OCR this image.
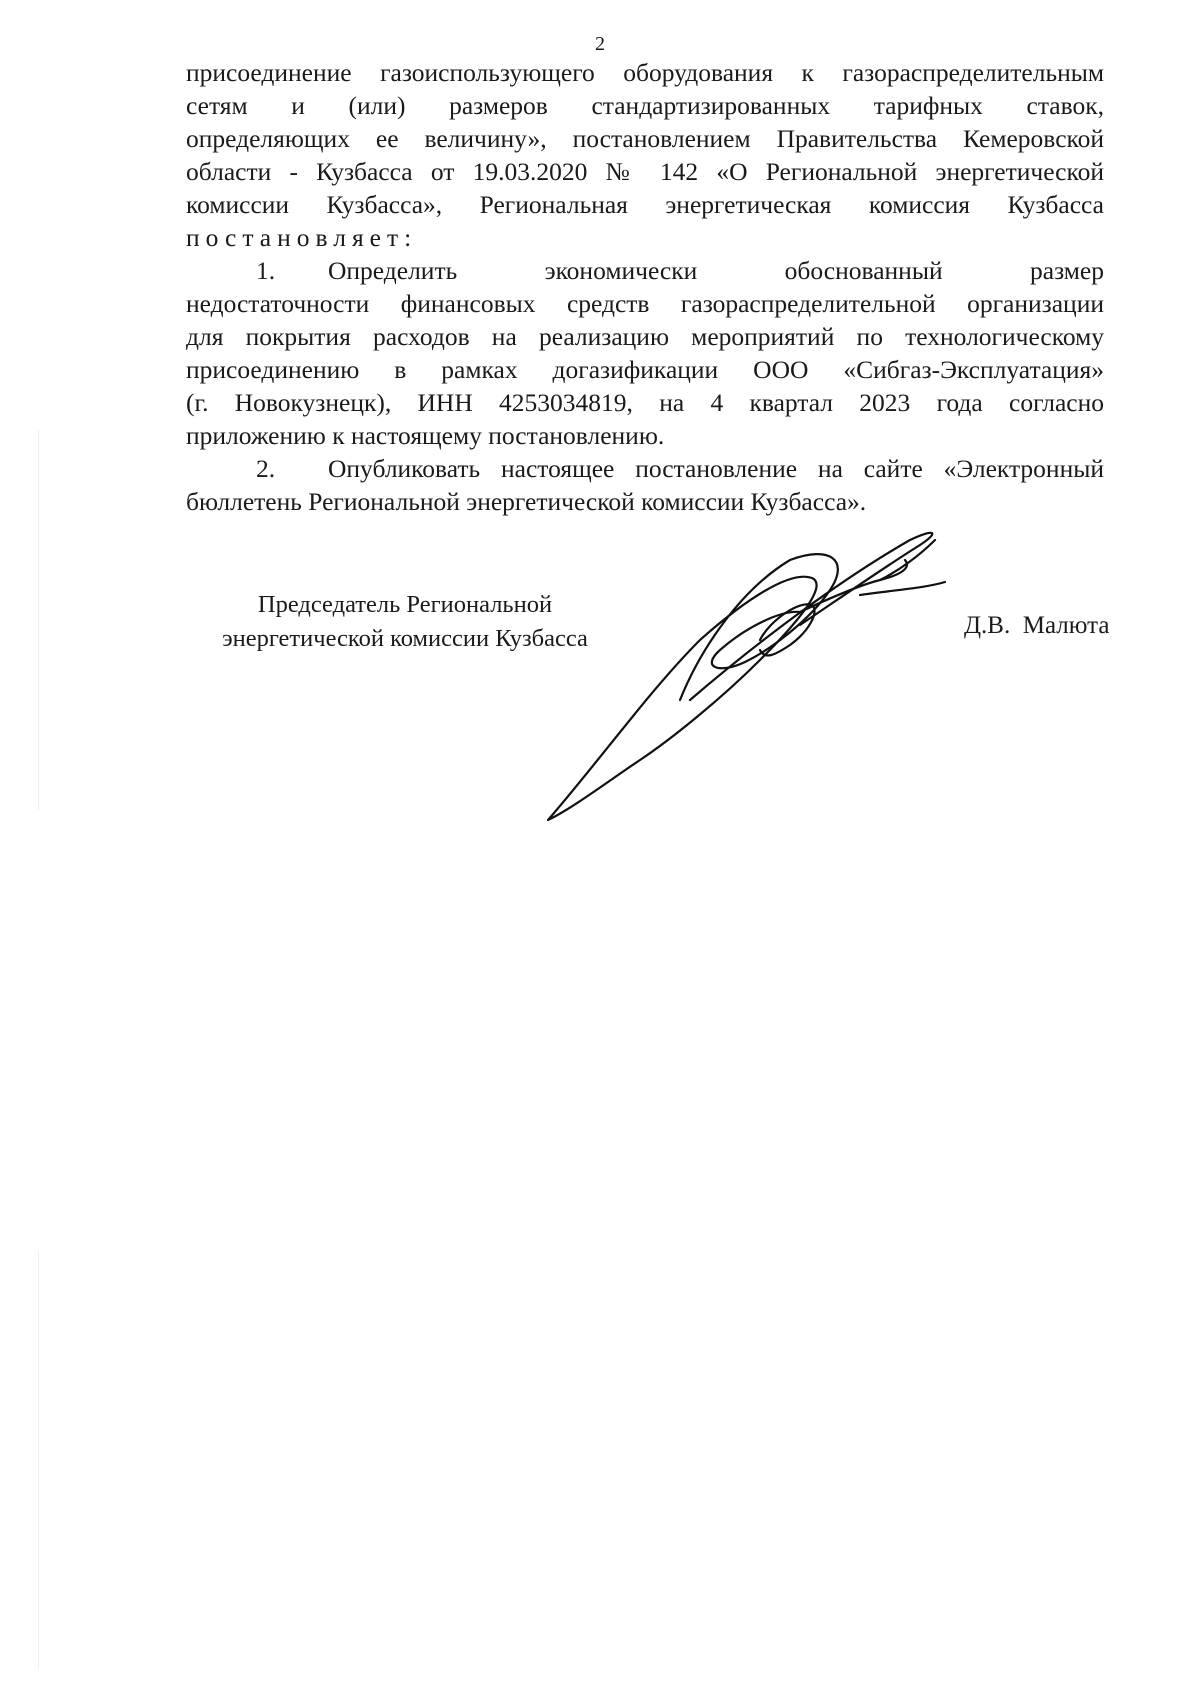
2
присоединение газоиспользующего оборудования к газораспределительным
сетям и (или) размеров стандартизированных тарифных ставок,
определяющих ее величину», постановлением Правительства Кемеровской
области - Кузбасса от 19.03.2020 № 142 «О Региональной энергетической
комиссии Кузбасса», Региональная энергетическая комиссия Кузбасса
постановляет:
1.	Определить экономически обоснованный размер
недостаточности финансовых средств газораспределительной организации
для покрытия расходов на реализацию мероприятий по технологическому
присоединению в рамках догазификации ООО «Сибгаз-Эксплуатация»
(г. Новокузнецк), ИНН 4253034819, на 4 квартал 2023 года согласно
приложению к настоящему постановлению.
2.	Опубликовать настоящее постановление на сайте «Электронный
бюллетень Региональной энергетической комиссии Кузбасса».
Председатель Региональной
энергетической комиссии Кузбасса	Д.В.  Малюта
